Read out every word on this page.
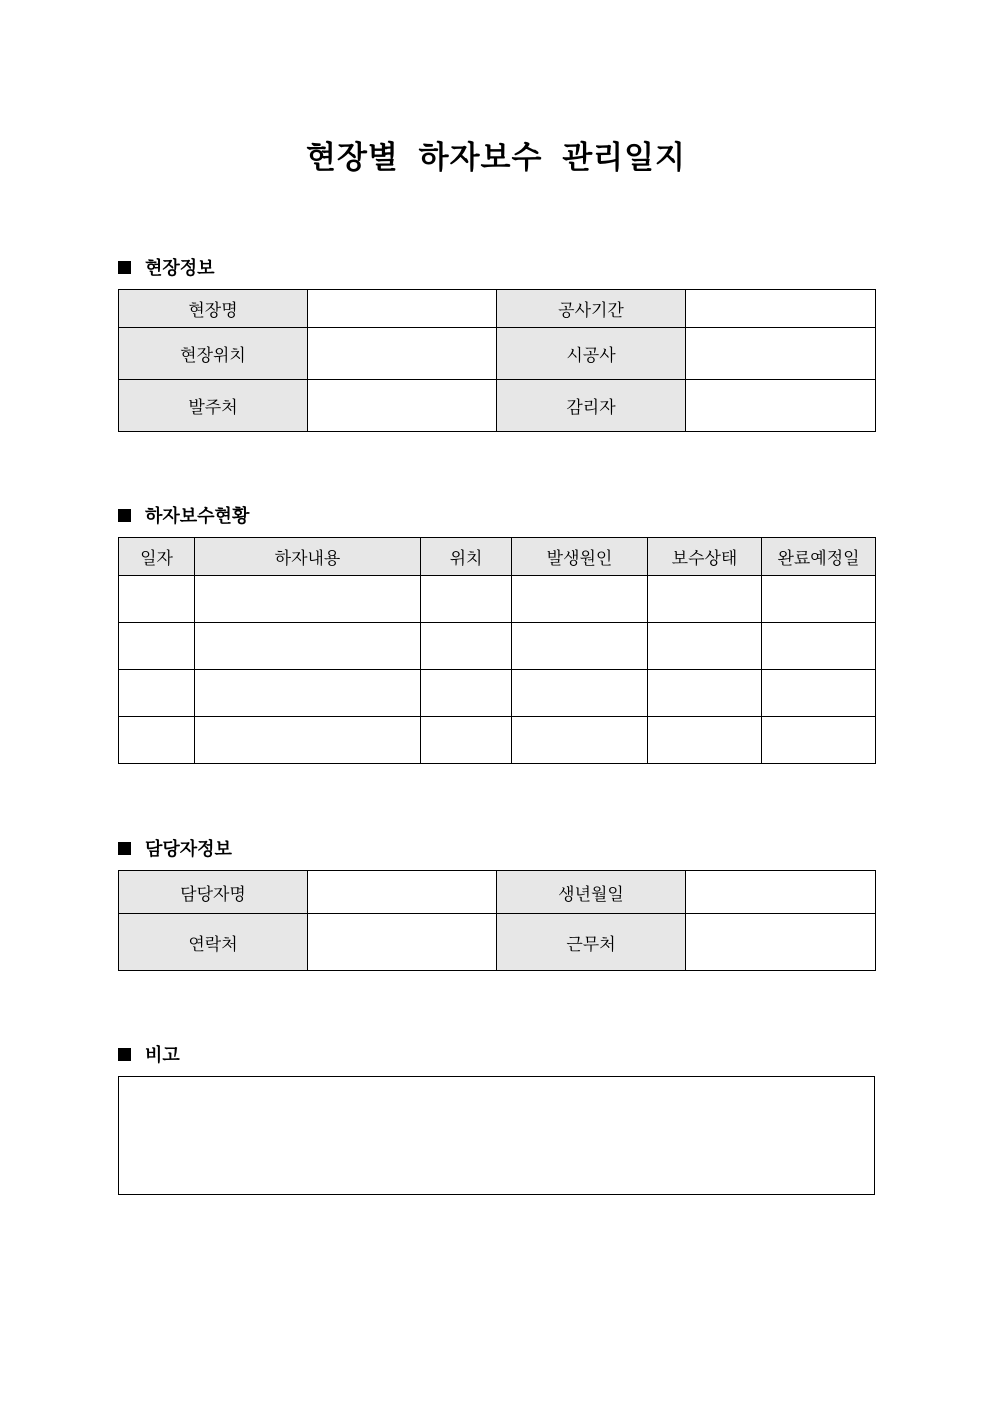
현장별 하자보수 관리일지
현장정보
현장명		공사기간	
현장위치		시공사	
발주처		감리자	
하자보수현황
일자	하자내용	위치	발생원인	보수상태	완료예정일

담당자정보
담당자명		생년월일	
연락처		근무처	
비고
